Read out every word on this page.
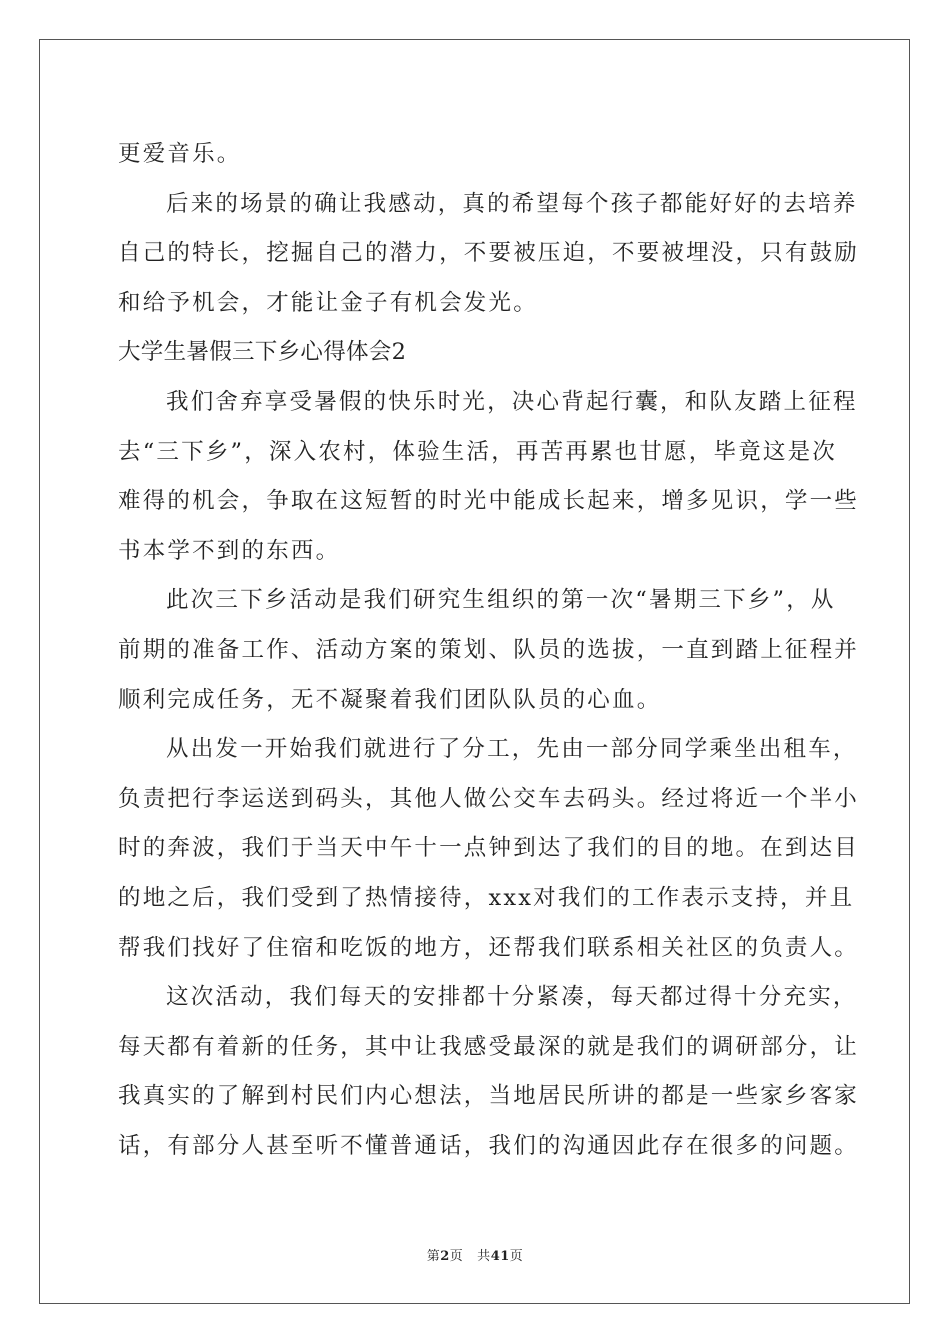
更爱音乐。
后来的场景的确让我感动，真的希望每个孩子都能好好的去培养
自己的特长，挖掘自己的潜力，不要被压迫，不要被埋没，只有鼓励
和给予机会，才能让金子有机会发光。
大学生暑假三下乡心得体会2
我们舍弃享受暑假的快乐时光，决心背起行囊，和队友踏上征程
去“三下乡”，深入农村，体验生活，再苦再累也甘愿，毕竟这是次
难得的机会，争取在这短暂的时光中能成长起来，增多见识，学一些
书本学不到的东西。
此次三下乡活动是我们研究生组织的第一次“暑期三下乡”，从
前期的准备工作、活动方案的策划、队员的选拔，一直到踏上征程并
顺利完成任务，无不凝聚着我们团队队员的心血。
从出发一开始我们就进行了分工，先由一部分同学乘坐出租车，
负责把行李运送到码头，其他人做公交车去码头。经过将近一个半小
时的奔波，我们于当天中午十一点钟到达了我们的目的地。在到达目
的地之后，我们受到了热情接待，xxx对我们的工作表示支持，并且
帮我们找好了住宿和吃饭的地方，还帮我们联系相关社区的负责人。
这次活动，我们每天的安排都十分紧凑，每天都过得十分充实，
每天都有着新的任务，其中让我感受最深的就是我们的调研部分，让
我真实的了解到村民们内心想法，当地居民所讲的都是一些家乡客家
话，有部分人甚至听不懂普通话，我们的沟通因此存在很多的问题。
第2页 共41页
